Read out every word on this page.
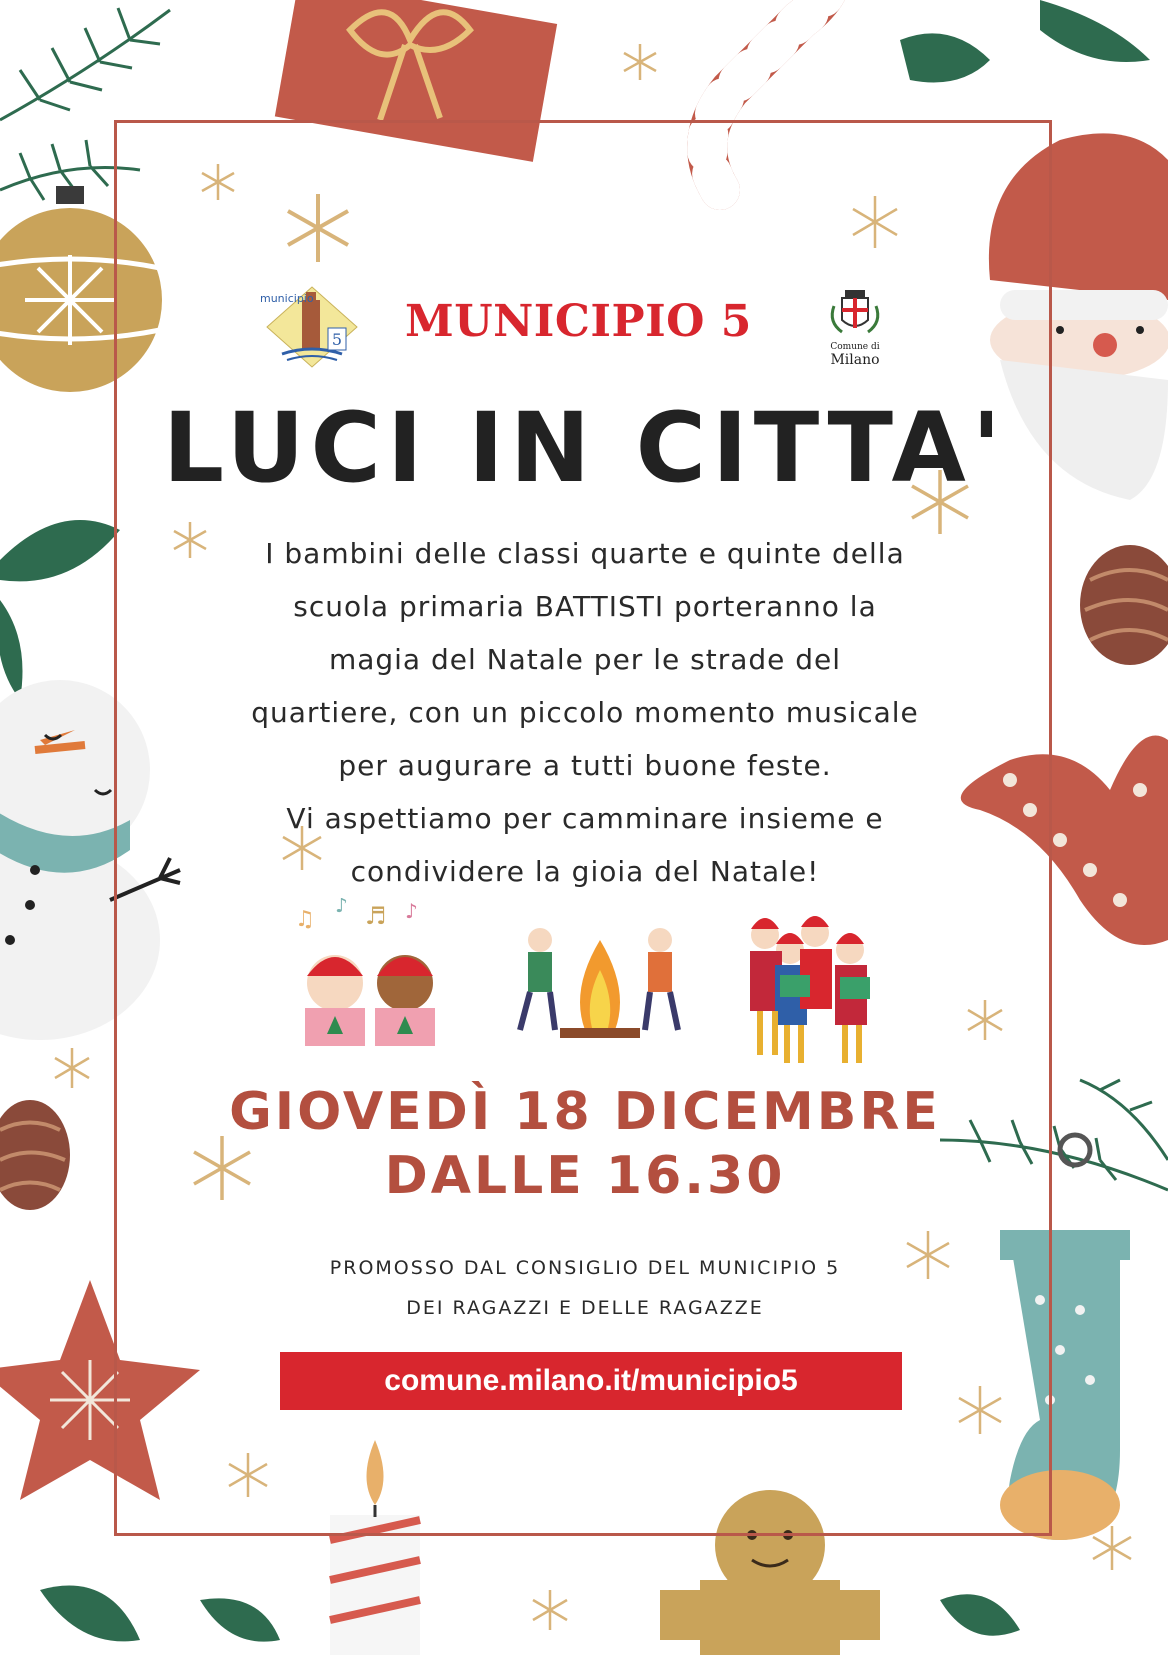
5
municipio MUNICIPIO 5	Comune di
Milano
LUCI IN CITTA'
I bambini delle classi quarte e quinte della
scuola primaria BATTISTI porteranno la
magia del Natale per le strade del
quartiere, con un piccolo momento musicale
per augurare a tutti buone feste.
Vi aspettiamo per camminare insieme e
condividere la gioia del Natale!
♫
♪ ♬ ♪
GIOVEDÌ 18 DICEMBRE
DALLE 16.30
PROMOSSO DAL CONSIGLIO DEL MUNICIPIO 5
DEI RAGAZZI E DELLE RAGAZZE
comune.milano.it/municipio5
